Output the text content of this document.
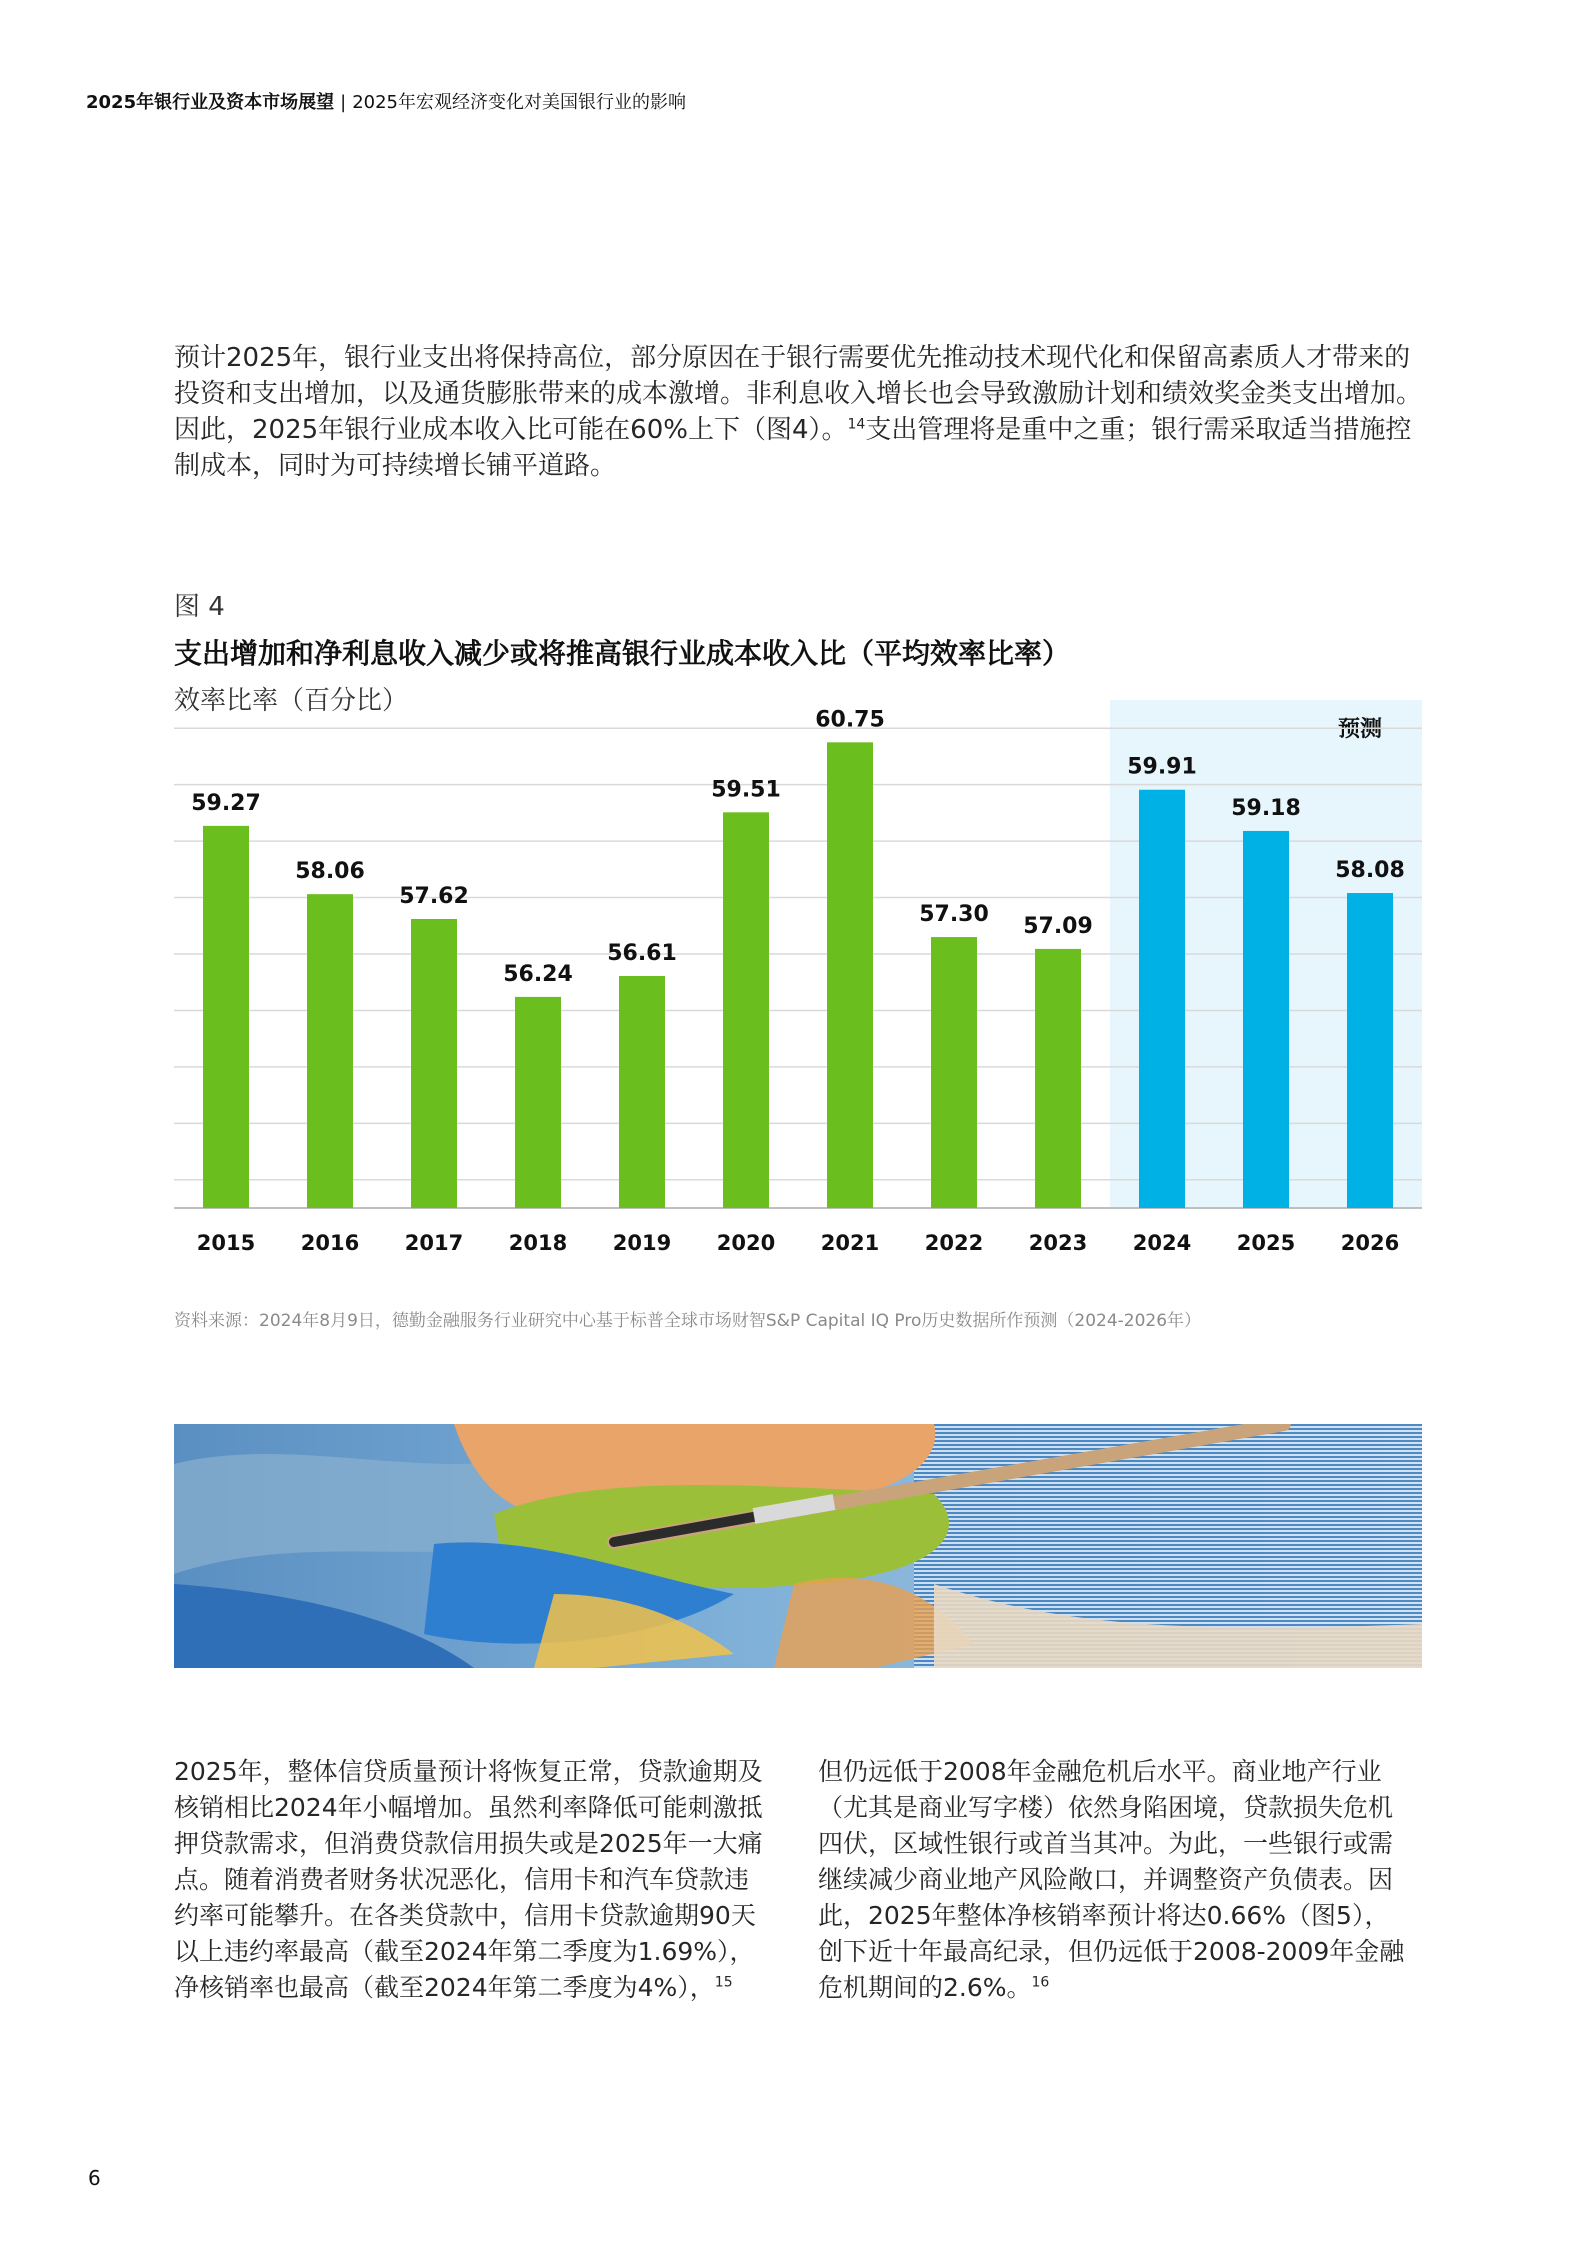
2025年银行业及资本市场展望 | 2025年宏观经济变化对美国银行业的影响

预计2025年，银行业支出将保持高位，部分原因在于银行需要优先推动技术现代化和保留高素质人才带来的

投资和支出增加，以及通货膨胀带来的成本激增。非利息收入增长也会导致激励计划和绩效奖金类支出增加。

因此，2025年银行业成本收入比可能在60%上下（图4）。$^{14}$支出管理将是重中之重；银行需采取适当措施控

制成本，同时为可持续增长铺平道路。

图 4
支出增加和净利息收入减少或将推高银行业成本收入比（平均效率比率）
效率比率（百分比）
预测
59.27
2015
58.06
2016
57.62
2017
56.24
2018
56.61
2019
59.51
2020
60.75
2021
57.30
2022
57.09
2023
59.91
2024
59.18
2025
58.08
2026
资料来源：2024年8月9日，德勤金融服务行业研究中心基于标普全球市场财智S&P Capital IQ Pro历史数据所作预测（2024-2026年）

2025年，整体信贷质量预计将恢复正常，贷款逾期及

核销相比2024年小幅增加。虽然利率降低可能刺激抵

押贷款需求，但消费贷款信用损失或是2025年一大痛

点。随着消费者财务状况恶化，信用卡和汽车贷款违

约率可能攀升。在各类贷款中，信用卡贷款逾期90天

以上违约率最高（截至2024年第二季度为1.69%），

净核销率也最高（截至2024年第二季度为4%），$^{15}$

但仍远低于2008年金融危机后水平。商业地产行业

（尤其是商业写字楼）依然身陷困境，贷款损失危机

四伏，区域性银行或首当其冲。为此，一些银行或需

继续减少商业地产风险敞口，并调整资产负债表。因

此，2025年整体净核销率预计将达0.66%（图5），

创下近十年最高纪录，但仍远低于2008-2009年金融

危机期间的2.6%。$^{16}$

6
